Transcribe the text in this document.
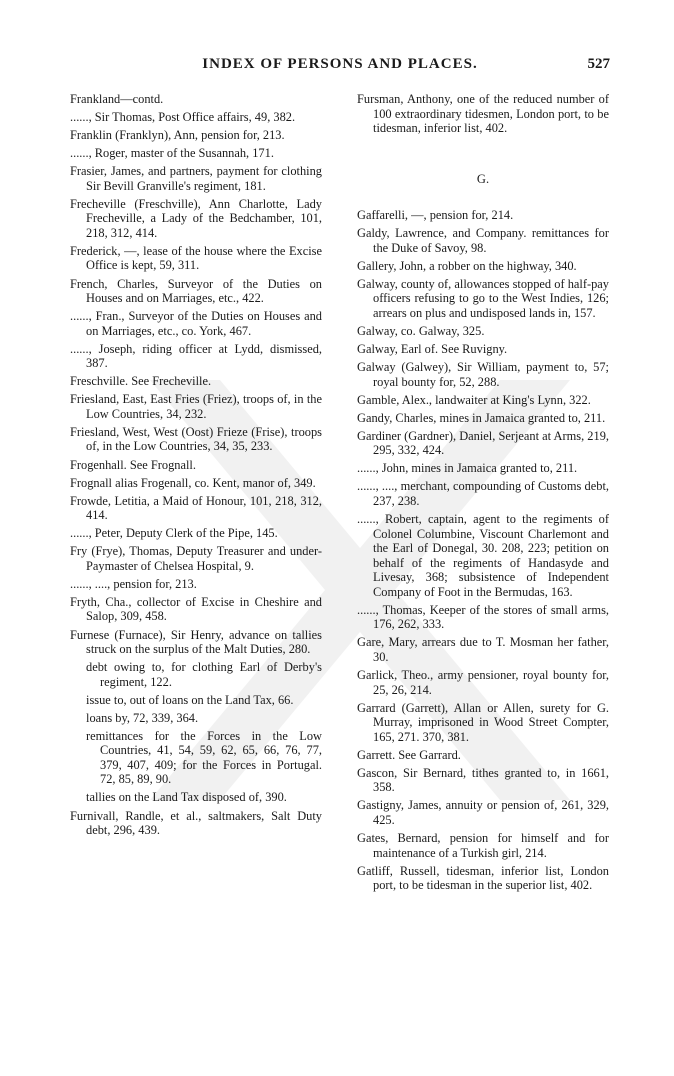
INDEX OF PERSONS AND PLACES.	527
Frankland—contd.
......, Sir Thomas, Post Office affairs, 49, 382.
Franklin (Franklyn), Ann, pension for, 213.
......, Roger, master of the Susannah, 171.
Frasier, James, and partners, payment for clothing Sir Bevill Granville's regiment, 181.
Frecheville (Freschville), Ann Charlotte, Lady Frecheville, a Lady of the Bedchamber, 101, 218, 312, 414.
Frederick, —, lease of the house where the Excise Office is kept, 59, 311.
French, Charles, Surveyor of the Duties on Houses and on Marriages, etc., 422.
......, Fran., Surveyor of the Duties on Houses and on Marriages, etc., co. York, 467.
......, Joseph, riding officer at Lydd, dismissed, 387.
Freschville. See Frecheville.
Friesland, East, East Fries (Friez), troops of, in the Low Countries, 34, 232.
Friesland, West, West (Oost) Frieze (Frise), troops of, in the Low Countries, 34, 35, 233.
Frogenhall. See Frognall.
Frognall alias Frogenall, co. Kent, manor of, 349.
Frowde, Letitia, a Maid of Honour, 101, 218, 312, 414.
......, Peter, Deputy Clerk of the Pipe, 145.
Fry (Frye), Thomas, Deputy Treasurer and under-Paymaster of Chelsea Hospital, 9.
......, ...., pension for, 213.
Fryth, Cha., collector of Excise in Cheshire and Salop, 309, 458.
Furnese (Furnace), Sir Henry, advance on tallies struck on the surplus of the Malt Duties, 280.
debt owing to, for clothing Earl of Derby's regiment, 122.
issue to, out of loans on the Land Tax, 66.
loans by, 72, 339, 364.
remittances for the Forces in the Low Countries, 41, 54, 59, 62, 65, 66, 76, 77, 379, 407, 409; for the Forces in Portugal. 72, 85, 89, 90.
tallies on the Land Tax disposed of, 390.
Furnivall, Randle, et al., saltmakers, Salt Duty debt, 296, 439.
Fursman, Anthony, one of the reduced number of 100 extraordinary tidesmen, London port, to be tidesman, inferior list, 402.
G.
Gaffarelli, —, pension for, 214.
Galdy, Lawrence, and Company. remittances for the Duke of Savoy, 98.
Gallery, John, a robber on the highway, 340.
Galway, county of, allowances stopped of half-pay officers refusing to go to the West Indies, 126; arrears on plus and undisposed lands in, 157.
Galway, co. Galway, 325.
Galway, Earl of. See Ruvigny.
Galway (Galwey), Sir William, payment to, 57; royal bounty for, 52, 288.
Gamble, Alex., landwaiter at King's Lynn, 322.
Gandy, Charles, mines in Jamaica granted to, 211.
Gardiner (Gardner), Daniel, Serjeant at Arms, 219, 295, 332, 424.
......, John, mines in Jamaica granted to, 211.
......, ...., merchant, compounding of Customs debt, 237, 238.
......, Robert, captain, agent to the regiments of Colonel Columbine, Viscount Charlemont and the Earl of Donegal, 30. 208, 223; petition on behalf of the regiments of Handasyde and Livesay, 368; subsistence of Independent Company of Foot in the Bermudas, 163.
......, Thomas, Keeper of the stores of small arms, 176, 262, 333.
Gare, Mary, arrears due to T. Mosman her father, 30.
Garlick, Theo., army pensioner, royal bounty for, 25, 26, 214.
Garrard (Garrett), Allan or Allen, surety for G. Murray, imprisoned in Wood Street Compter, 165, 271. 370, 381.
Garrett. See Garrard.
Gascon, Sir Bernard, tithes granted to, in 1661, 358.
Gastigny, James, annuity or pension of, 261, 329, 425.
Gates, Bernard, pension for himself and for maintenance of a Turkish girl, 214.
Gatliff, Russell, tidesman, inferior list, London port, to be tidesman in the superior list, 402.
